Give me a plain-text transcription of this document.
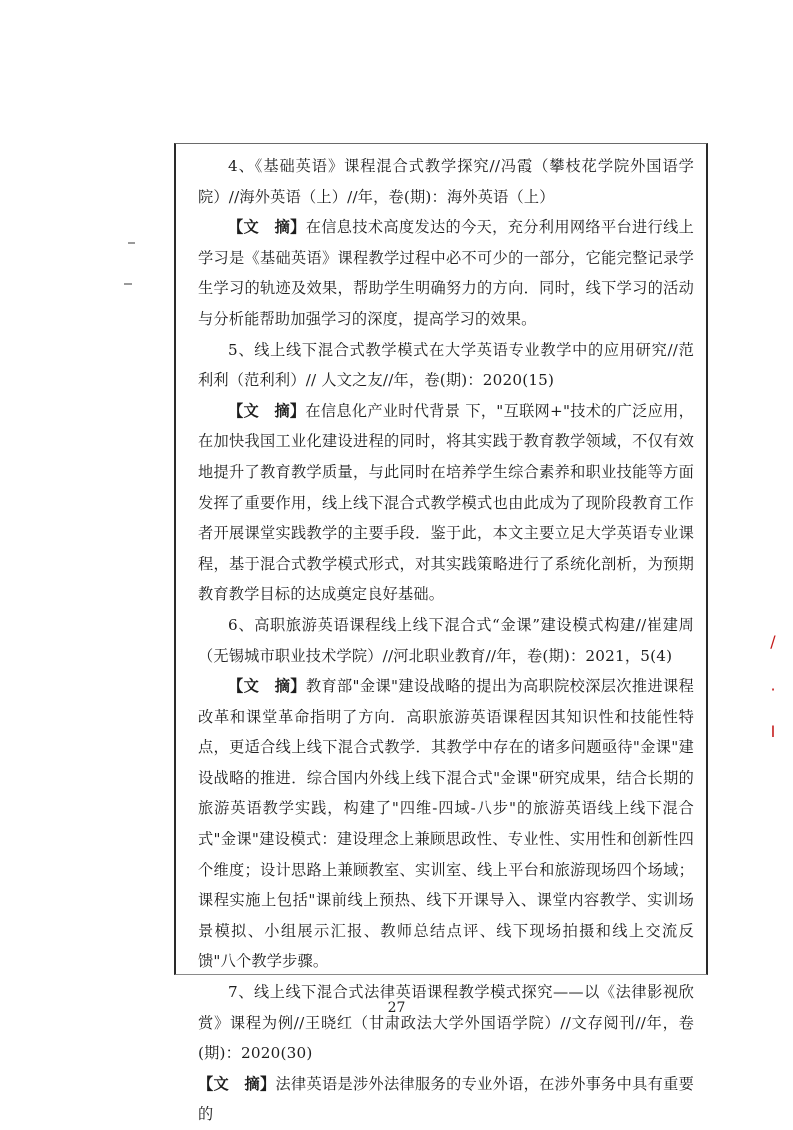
4、《基础英语》课程混合式教学探究//冯霞（攀枝花学院外国语学院）//海外英语（上）//年，卷(期)：海外英语（上）

【文　摘】在信息技术高度发达的今天，充分利用网络平台进行线上学习是《基础英语》课程教学过程中必不可少的一部分，它能完整记录学生学习的轨迹及效果，帮助学生明确努力的方向．同时，线下学习的活动与分析能帮助加强学习的深度，提高学习的效果。

5、线上线下混合式教学模式在大学英语专业教学中的应用研究//范利利（范利利）// 人文之友//年，卷(期)：2020(15)

【文　摘】在信息化产业时代背景 下，"互联网+"技术的广泛应用，在加快我国工业化建设进程的同时，将其实践于教育教学领域，不仅有效地提升了教育教学质量，与此同时在培养学生综合素养和职业技能等方面发挥了重要作用，线上线下混合式教学模式也由此成为了现阶段教育工作者开展课堂实践教学的主要手段．鉴于此，本文主要立足大学英语专业课程，基于混合式教学模式形式，对其实践策略进行了系统化剖析，为预期教育教学目标的达成奠定良好基础。

6、高职旅游英语课程线上线下混合式“金课”建设模式构建//崔建周（无锡城市职业技术学院）//河北职业教育//年，卷(期)：2021，5(4)

【文　摘】教育部"金课"建设战略的提出为高职院校深层次推进课程改革和课堂革命指明了方向．高职旅游英语课程因其知识性和技能性特点，更适合线上线下混合式教学．其教学中存在的诸多问题亟待"金课"建设战略的推进．综合国内外线上线下混合式"金课"研究成果，结合长期的旅游英语教学实践，构建了"四维-四域-八步"的旅游英语线上线下混合式"金课"建设模式：建设理念上兼顾思政性、专业性、实用性和创新性四个维度；设计思路上兼顾教室、实训室、线上平台和旅游现场四个场域；课程实施上包括"课前线上预热、线下开课导入、课堂内容教学、实训场景模拟、小组展示汇报、教师总结点评、线下现场拍摄和线上交流反馈"八个教学步骤。

7、线上线下混合式法律英语课程教学模式探究——以《法律影视欣赏》课程为例//王晓红（甘肃政法大学外国语学院）//文存阅刊//年，卷(期)：2020(30)

【文　摘】法律英语是涉外法律服务的专业外语，在涉外事务中具有重要的

27
/
·
I
